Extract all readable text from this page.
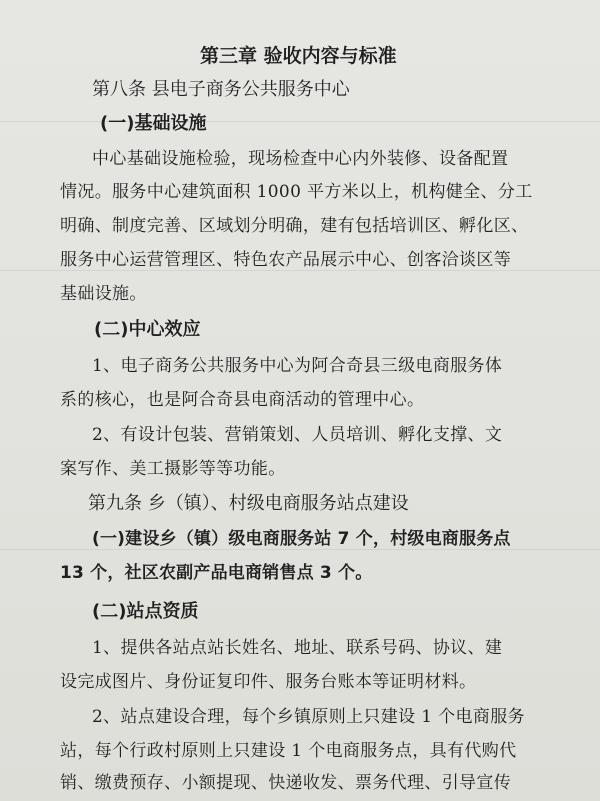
第三章 验收内容与标准
第八条 县电子商务公共服务中心
(一)基础设施
中心基础设施检验，现场检查中心内外装修、设备配置
情况。服务中心建筑面积 1000 平方米以上，机构健全、分工
明确、制度完善、区域划分明确，建有包括培训区、孵化区、
服务中心运营管理区、特色农产品展示中心、创客洽谈区等
基础设施。
(二)中心效应
1、电子商务公共服务中心为阿合奇县三级电商服务体
系的核心，也是阿合奇县电商活动的管理中心。
2、有设计包装、营销策划、人员培训、孵化支撑、文
案写作、美工摄影等等功能。
第九条 乡（镇）、村级电商服务站点建设
(一)建设乡（镇）级电商服务站 7 个，村级电商服务点
13 个，社区农副产品电商销售点 3 个。
(二)站点资质
1、提供各站点站长姓名、地址、联系号码、协议、建
设完成图片、身份证复印件、服务台账本等证明材料。
2、站点建设合理，每个乡镇原则上只建设 1 个电商服务
站，每个行政村原则上只建设 1 个电商服务点，具有代购代
销、缴费预存、小额提现、快递收发、票务代理、引导宣传
